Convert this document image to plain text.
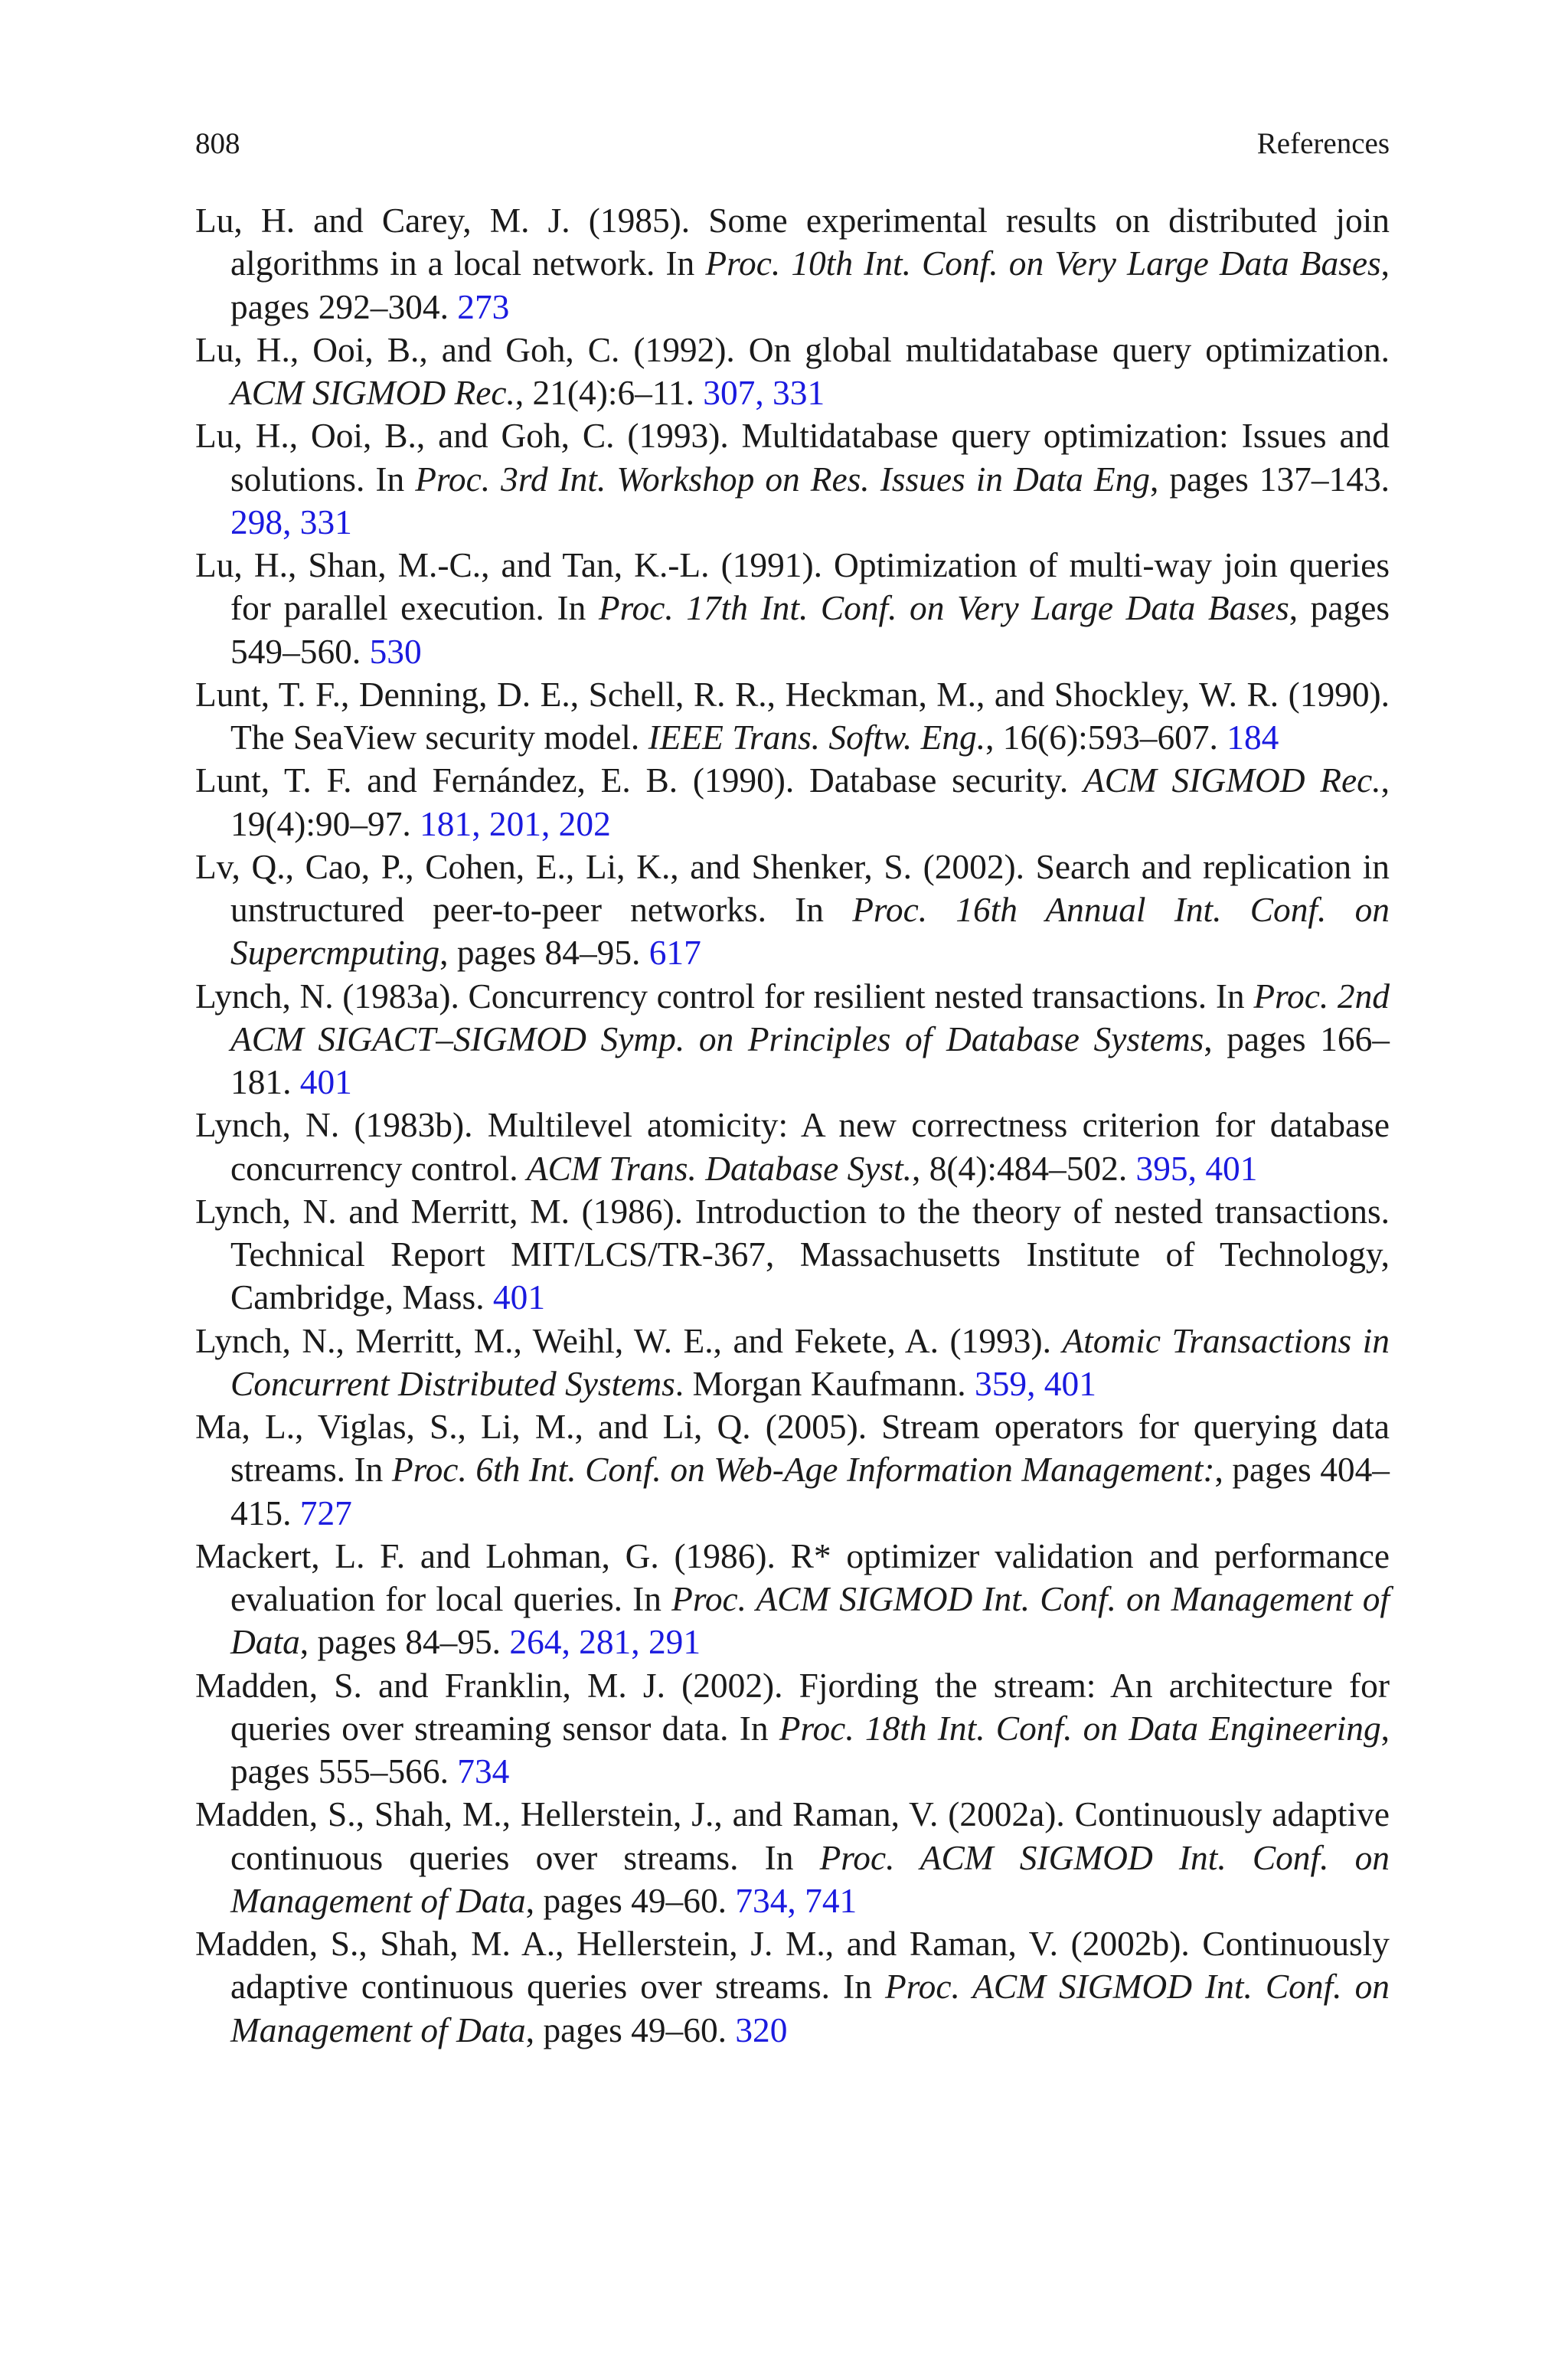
808	References

Lu, H. and Carey, M. J. (1985). Some experimental results on distributed join algorithms in a local network. In Proc. 10th Int. Conf. on Very Large Data Bases, pages 292–304. 273

Lu, H., Ooi, B., and Goh, C. (1992). On global multidatabase query optimization. ACM SIGMOD Rec., 21(4):6–11. 307, 331

Lu, H., Ooi, B., and Goh, C. (1993). Multidatabase query optimization: Issues and solutions. In Proc. 3rd Int. Workshop on Res. Issues in Data Eng, pages 137–143. 298, 331

Lu, H., Shan, M.-C., and Tan, K.-L. (1991). Optimization of multi-way join queries for parallel execution. In Proc. 17th Int. Conf. on Very Large Data Bases, pages 549–560. 530

Lunt, T. F., Denning, D. E., Schell, R. R., Heckman, M., and Shockley, W. R. (1990). The SeaView security model. IEEE Trans. Softw. Eng., 16(6):593–607. 184

Lunt, T. F. and Fernández, E. B. (1990). Database security. ACM SIGMOD Rec., 19(4):90–97. 181, 201, 202

Lv, Q., Cao, P., Cohen, E., Li, K., and Shenker, S. (2002). Search and replication in unstructured peer-to-peer networks. In Proc. 16th Annual Int. Conf. on Supercmputing, pages 84–95. 617

Lynch, N. (1983a). Concurrency control for resilient nested transactions. In Proc. 2nd ACM SIGACT–SIGMOD Symp. on Principles of Database Systems, pages 166–181. 401

Lynch, N. (1983b). Multilevel atomicity: A new correctness criterion for database concurrency control. ACM Trans. Database Syst., 8(4):484–502. 395, 401

Lynch, N. and Merritt, M. (1986). Introduction to the theory of nested transactions. Technical Report MIT/LCS/TR-367, Massachusetts Institute of Technology, Cambridge, Mass. 401

Lynch, N., Merritt, M., Weihl, W. E., and Fekete, A. (1993). Atomic Transactions in Concurrent Distributed Systems. Morgan Kaufmann. 359, 401

Ma, L., Viglas, S., Li, M., and Li, Q. (2005). Stream operators for querying data streams. In Proc. 6th Int. Conf. on Web-Age Information Management:, pages 404–415. 727

Mackert, L. F. and Lohman, G. (1986). R* optimizer validation and performance evaluation for local queries. In Proc. ACM SIGMOD Int. Conf. on Management of Data, pages 84–95. 264, 281, 291

Madden, S. and Franklin, M. J. (2002). Fjording the stream: An architecture for queries over streaming sensor data. In Proc. 18th Int. Conf. on Data Engineering, pages 555–566. 734

Madden, S., Shah, M., Hellerstein, J., and Raman, V. (2002a). Continuously adaptive continuous queries over streams. In Proc. ACM SIGMOD Int. Conf. on Management of Data, pages 49–60. 734, 741

Madden, S., Shah, M. A., Hellerstein, J. M., and Raman, V. (2002b). Continuously adaptive continuous queries over streams. In Proc. ACM SIGMOD Int. Conf. on Management of Data, pages 49–60. 320
